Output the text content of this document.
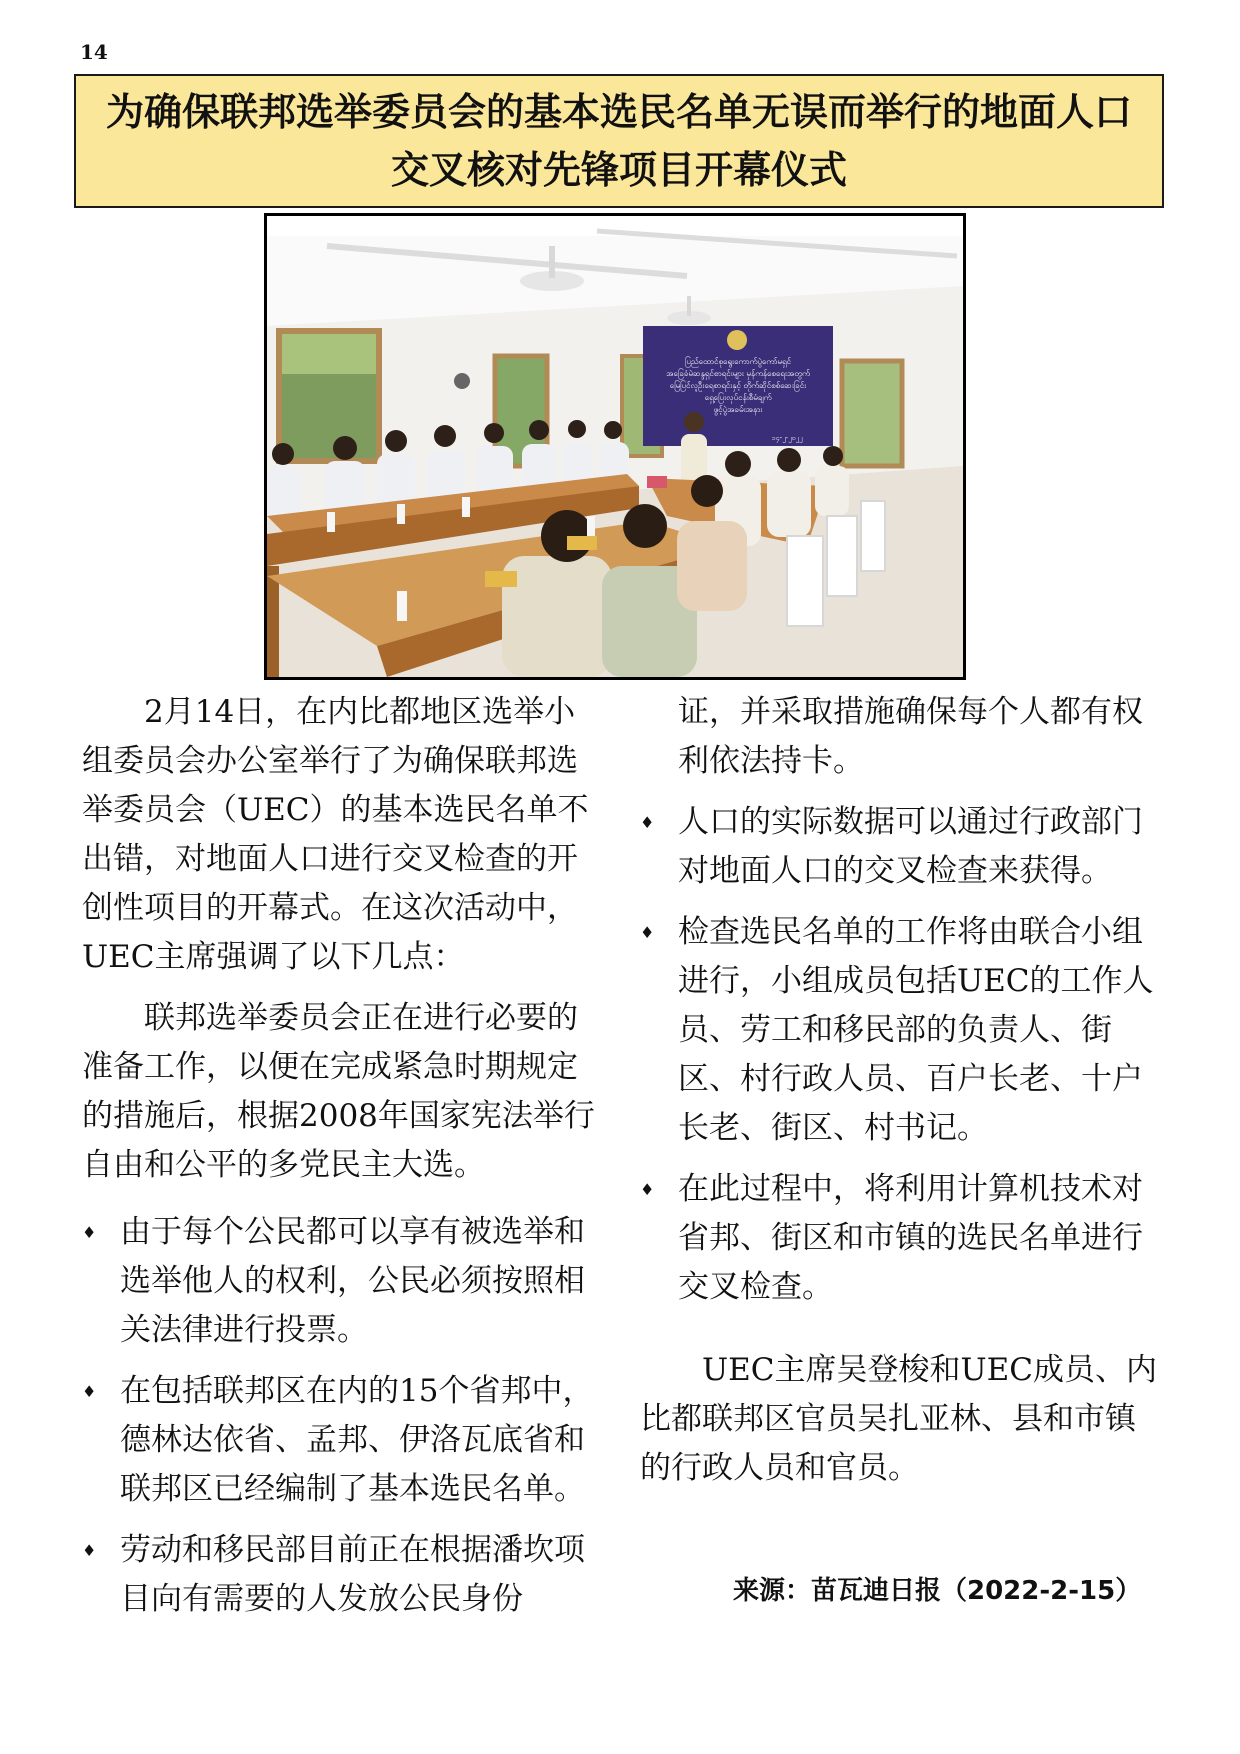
14
为确保联邦选举委员会的基本选民名单无误而举行的地面人口交叉核对先锋项目开幕仪式
ပြည်ထောင်စုရွေးကောက်ပွဲကော်မရှင်
အခြေခံမဲဆန္ဒရှင်စာရင်းများ မှန်ကန်စေရေးအတွက်
မြေပြင်လူဦးရေစာရင်းနှင့် တိုက်ဆိုင်စစ်ဆေးခြင်း
ရှေ့ပြေးလုပ်ငန်းစီမံချက်
ဖွင့်ပွဲအခမ်းအနား
၁၄-၂-၂၀၂၂

2月14日，在内比都地区选举小组委员会办公室举行了为确保联邦选举委员会（UEC）的基本选民名单不出错，对地面人口进行交叉检查的开创性项目的开幕式。在这次活动中，UEC主席强调了以下几点：

联邦选举委员会正在进行必要的准备工作，以便在完成紧急时期规定的措施后，根据2008年国家宪法举行自由和公平的多党民主大选。

♦ 由于每个公民都可以享有被选举和选举他人的权利，公民必须按照相关法律进行投票。
♦ 在包括联邦区在内的15个省邦中，德林达依省、孟邦、伊洛瓦底省和联邦区已经编制了基本选民名单。
♦ 劳动和移民部目前正在根据潘坎项目向有需要的人发放公民身份

证，并采取措施确保每个人都有权利依法持卡。

♦ 人口的实际数据可以通过行政部门对地面人口的交叉检查来获得。
♦ 检查选民名单的工作将由联合小组进行，小组成员包括UEC的工作人员、劳工和移民部的负责人、街区、村行政人员、百户长老、十户长老、街区、村书记。
♦ 在此过程中，将利用计算机技术对省邦、街区和市镇的选民名单进行交叉检查。

UEC主席吴登梭和UEC成员、内比都联邦区官员吴扎亚林、县和市镇的行政人员和官员。

来源：苗瓦迪日报（2022-2-15）
